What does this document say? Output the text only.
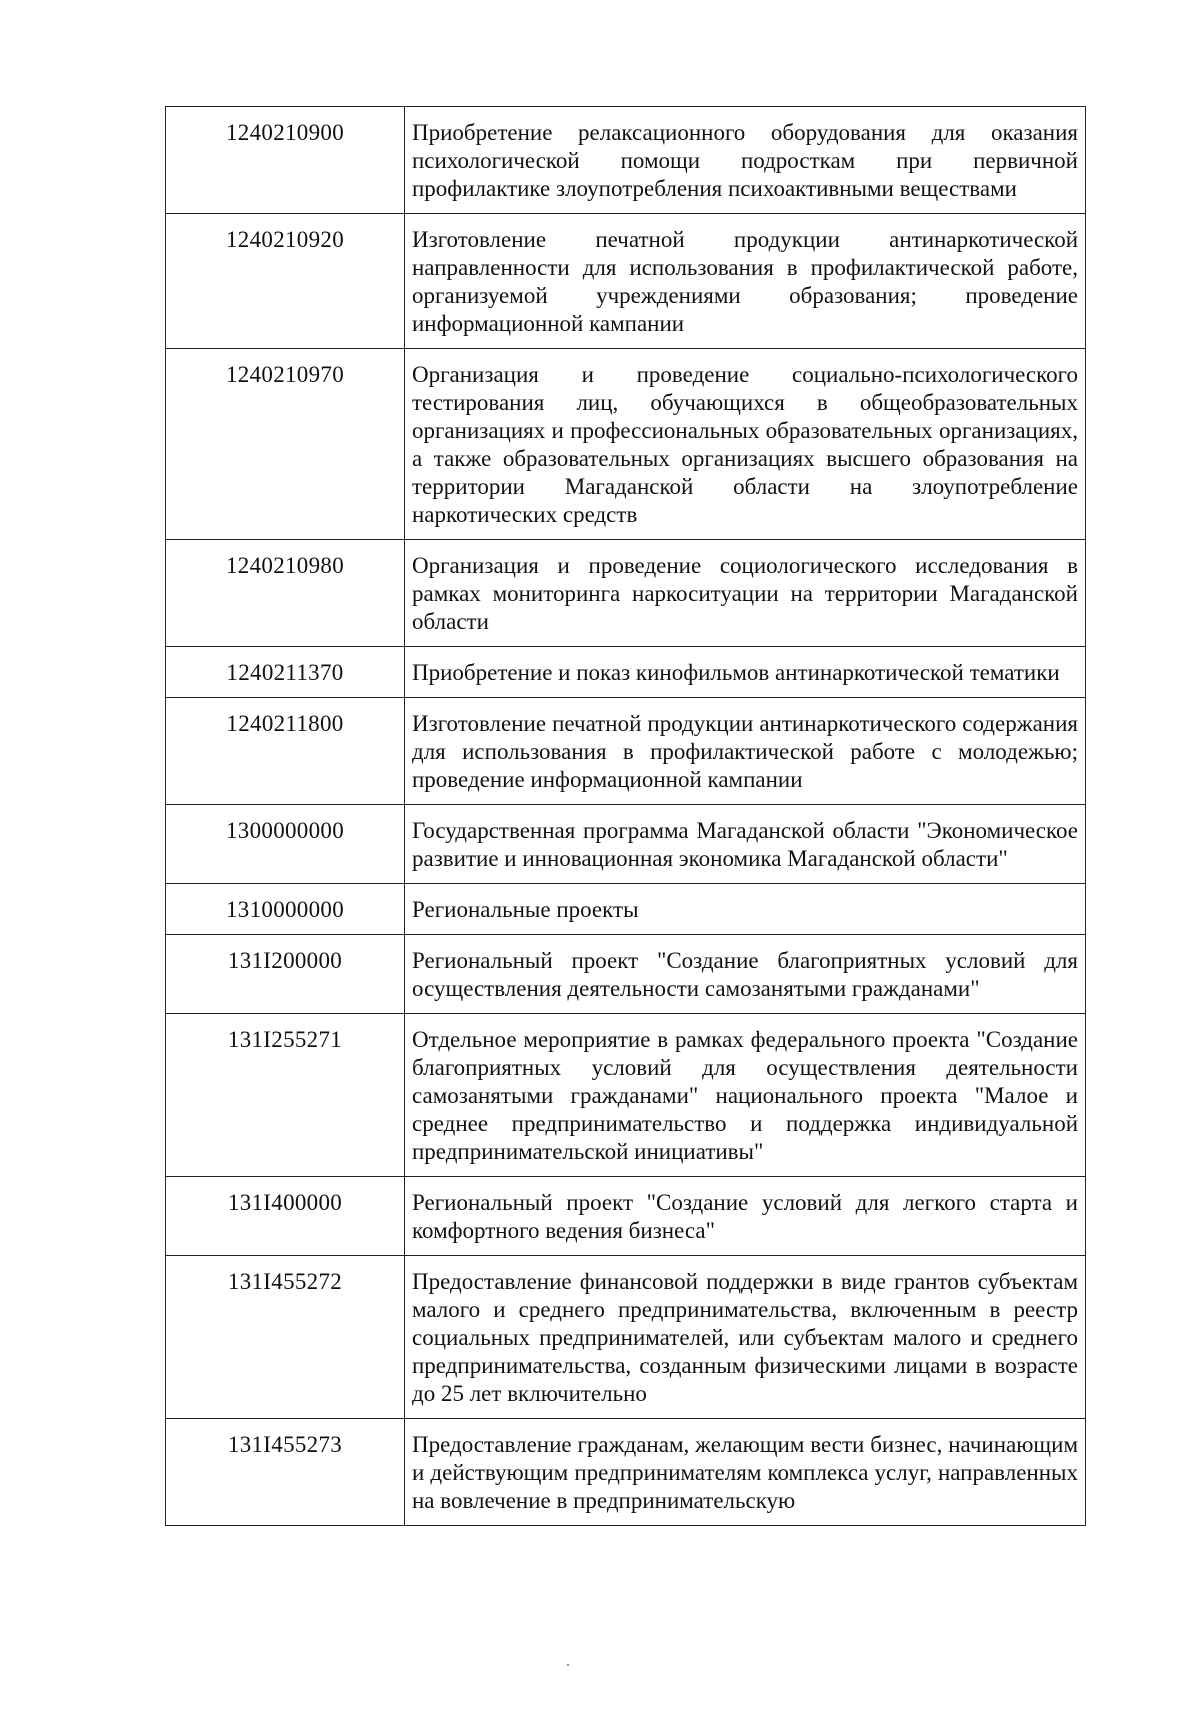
1240210900	Приобретение релаксационного оборудования для оказания психологической помощи подросткам при первичной профилактике злоупотребления психоактивными веществами
1240210920	Изготовление печатной продукции антинаркотической направленности для использования в профилактической работе, организуемой учреждениями образования; проведение информационной кампании
1240210970	Организация и проведение социально-психологического тестирования лиц, обучающихся в общеобразовательных организациях и профессиональных образовательных организациях, а также образовательных организациях высшего образования на территории Магаданской области на злоупотребление наркотических средств
1240210980	Организация и проведение социологического исследования в рамках мониторинга наркоситуации на территории Магаданской области
1240211370	Приобретение и показ кинофильмов антинаркотической тематики
1240211800	Изготовление печатной продукции антинаркотического содержания для использования в профилактической работе с молодежью; проведение информационной кампании
1300000000	Государственная программа Магаданской области "Экономическое развитие и инновационная экономика Магаданской области"
1310000000	Региональные проекты
131I200000	Региональный проект "Создание благоприятных условий для осуществления деятельности самозанятыми гражданами"
131I255271	Отдельное мероприятие в рамках федерального проекта "Создание благоприятных условий для осуществления деятельности самозанятыми гражданами" национального проекта "Малое и среднее предпринимательство и поддержка индивидуальной предпринимательской инициативы"
131I400000	Региональный проект "Создание условий для легкого старта и комфортного ведения бизнеса"
131I455272	Предоставление финансовой поддержки в виде грантов субъектам малого и среднего предпринимательства, включенным в реестр социальных предпринимателей, или субъектам малого и среднего предпринимательства, созданным физическими лицами в возрасте до 25 лет включительно
131I455273	Предоставление гражданам, желающим вести бизнес, начинающим и действующим предпринимателям комплекса услуг, направленных на вовлечение в предпринимательскую
